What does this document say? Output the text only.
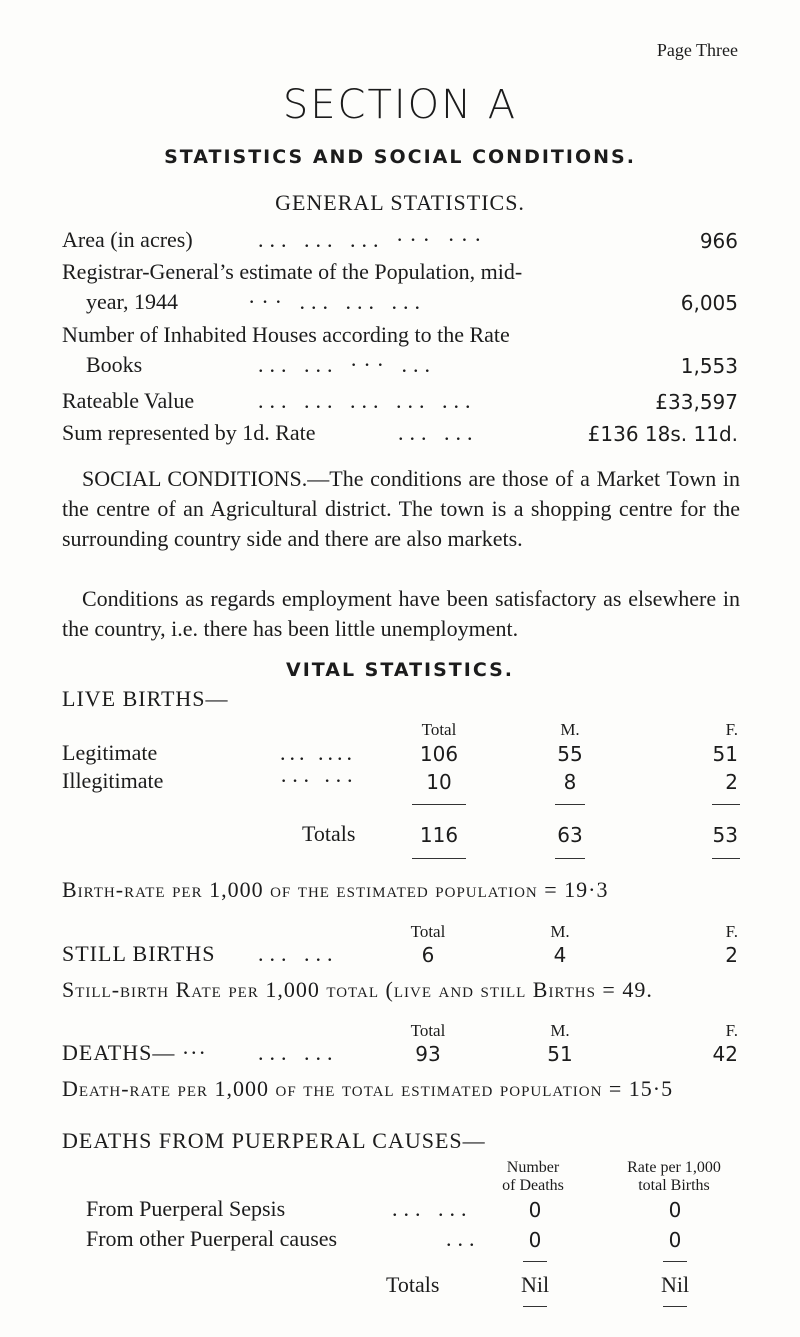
Page Three
SECTION A
STATISTICS AND SOCIAL CONDITIONS.
GENERAL STATISTICS.
Area (in acres)	... ... ... ··· ···	966
Registrar-General’s estimate of the Population, mid-
year, 1944	··· ... ... ...	6,005
Number of Inhabited Houses according to the Rate
Books	... ... ··· ...	1,553
Rateable Value	... ... ... ... ...	£33,597
Sum represented by 1d. Rate	... ...	£136 18s. 11d.

SOCIAL CONDITIONS.—The conditions are those of a Market Town in the centre of an Agricultural district. The town is a shopping centre for the surrounding country side and there are also markets.

Conditions as regards employment have been satisfactory as elsewhere in the country, i.e. there has been little unemployment.

VITAL STATISTICS.
LIVE BIRTHS—
Total	M.	F.
Legitimate	... ....	106	55	51
Illegitimate	··· ···	10	8	2
Totals	116	63	53
Birth-rate per 1,000 of the estimated population = 19·3
Total	M.	F.
STILL BIRTHS ... ...	6	4	2
Still-birth Rate per 1,000 total (live and still Births = 49.
Total	M.	F.
DEATHS— ··· ... ...	93	51	42
Death-rate per 1,000 of the total estimated population = 15·5
DEATHS FROM PUERPERAL CAUSES—
Number
of Deaths
Rate per 1,000
total Births
From Puerperal Sepsis	... ...	0	0
From other Puerperal causes	...	0	0
Totals	Nil	Nil
